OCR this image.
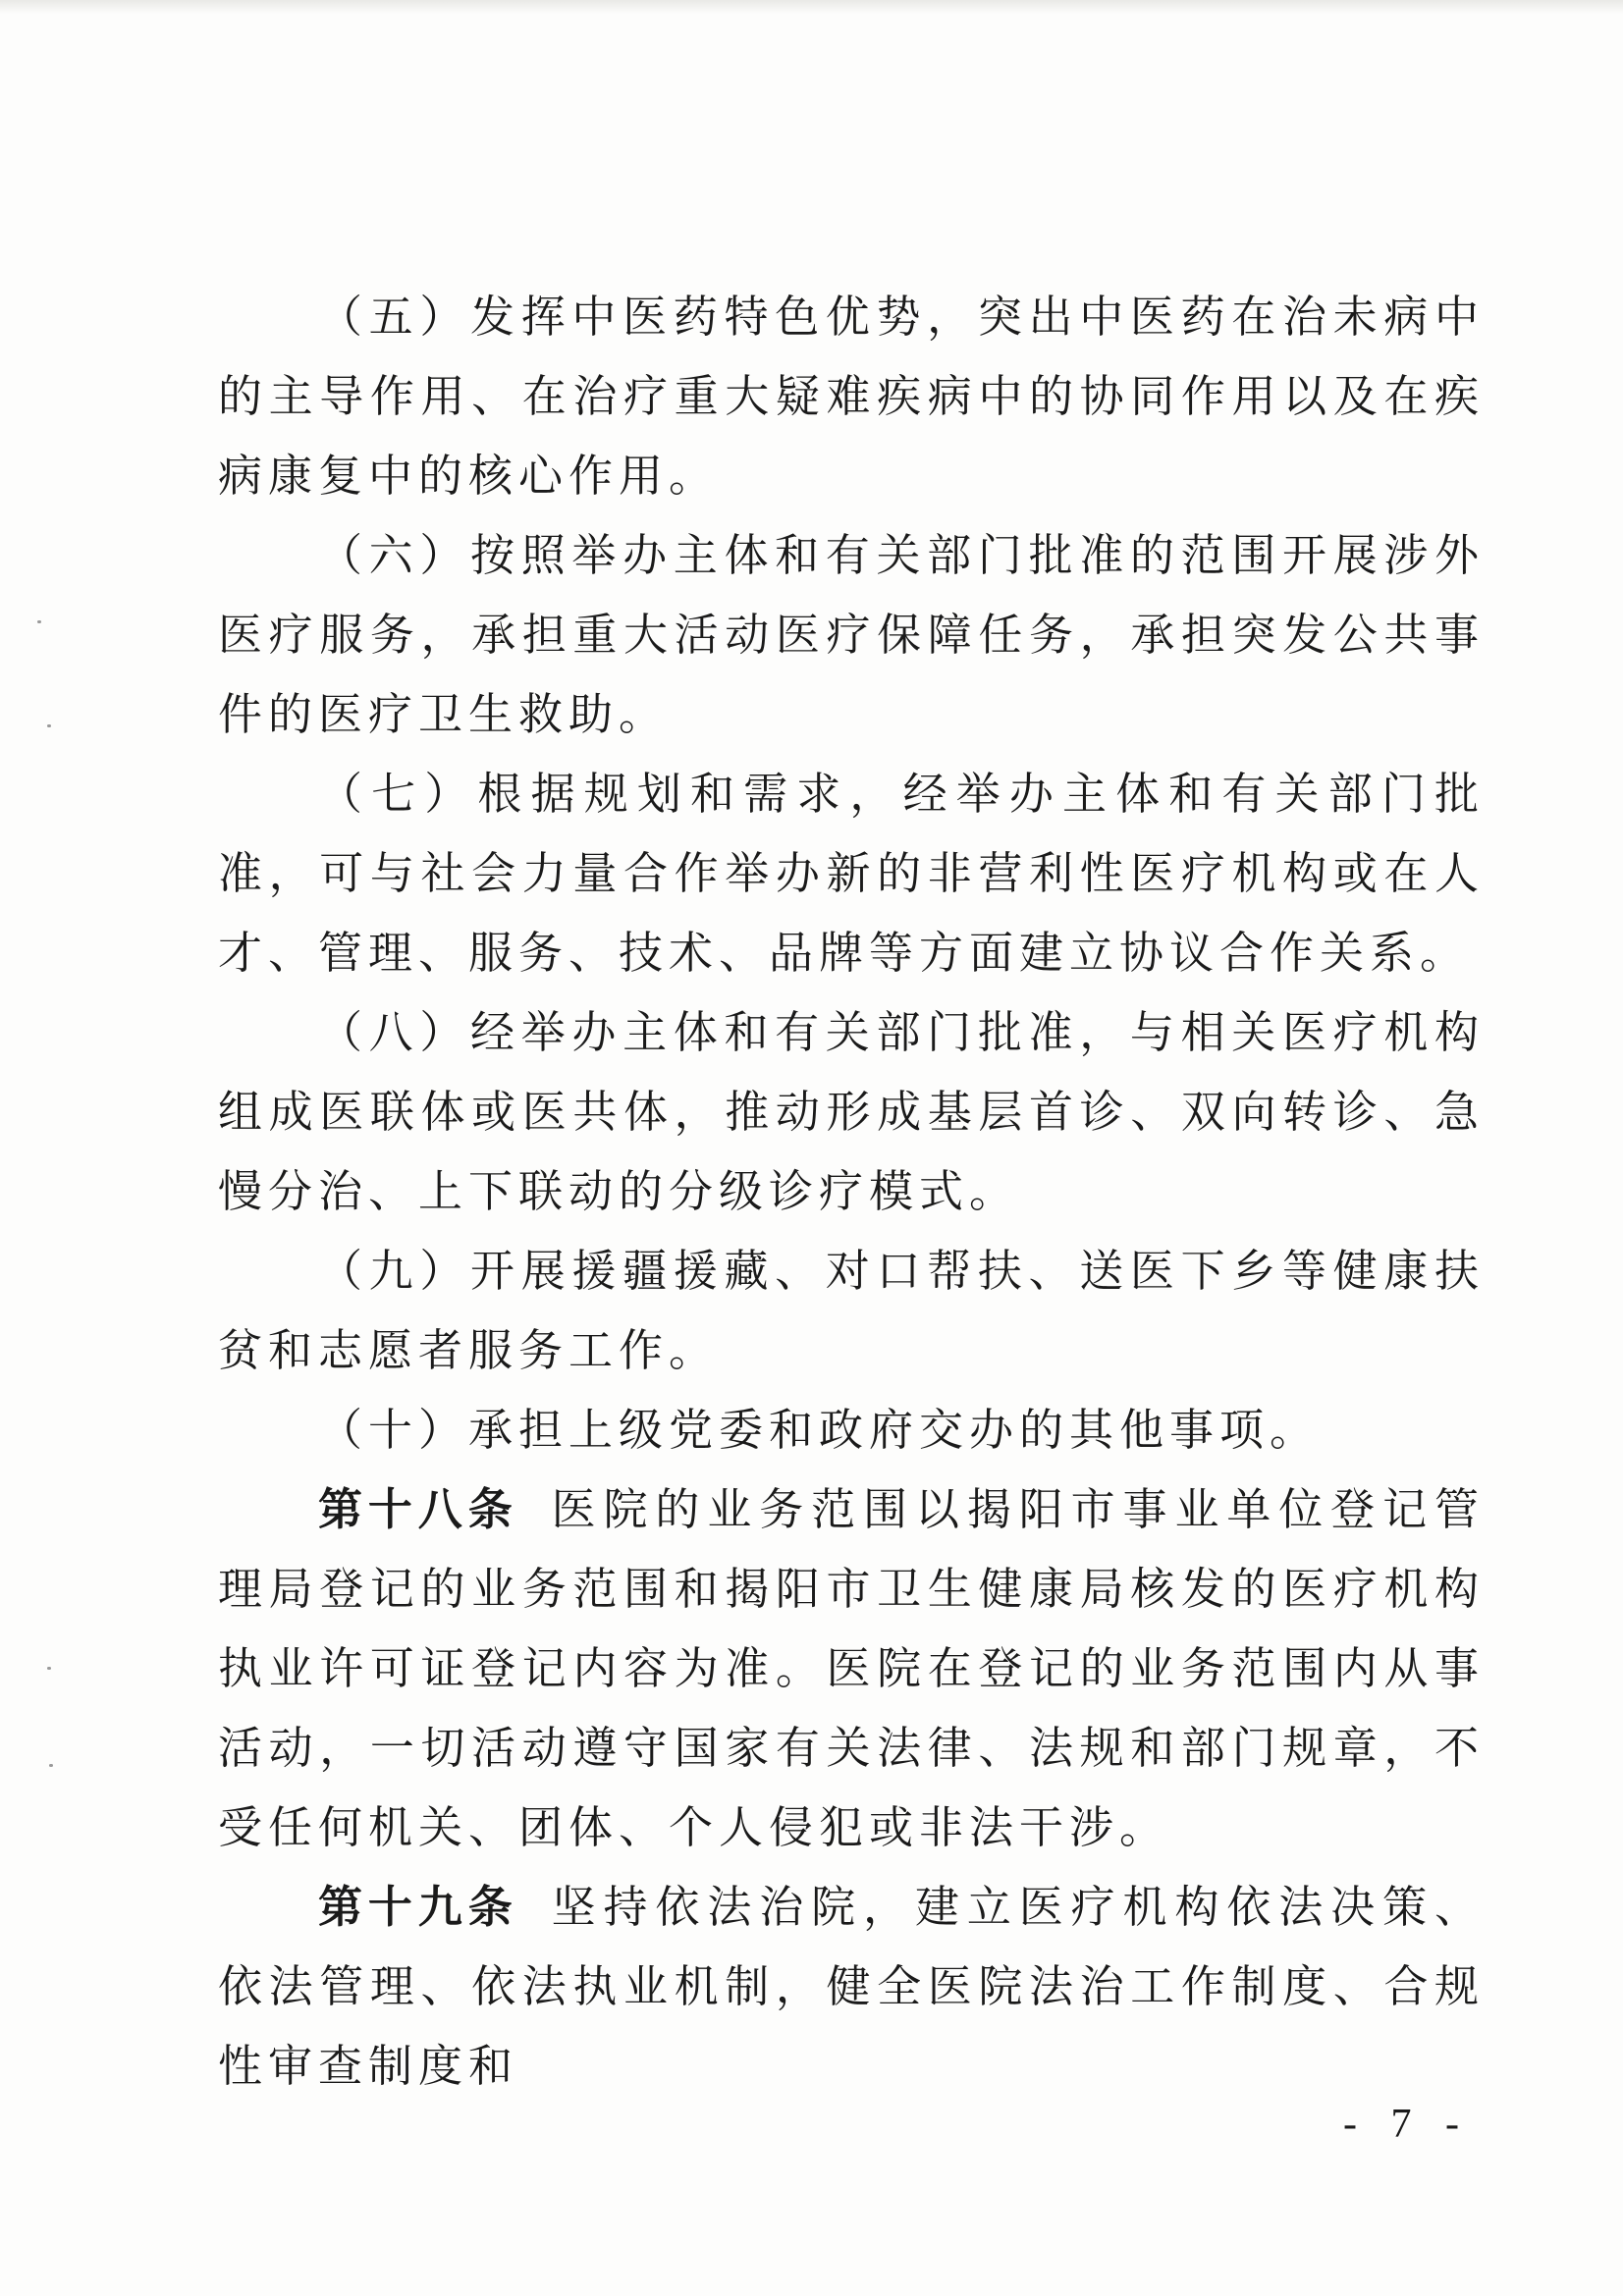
（五）发挥中医药特色优势，突出中医药在治未病中的主导作用、在治疗重大疑难疾病中的协同作用以及在疾病康复中的核心作用。

（六）按照举办主体和有关部门批准的范围开展涉外医疗服务，承担重大活动医疗保障任务，承担突发公共事件的医疗卫生救助。

（七）根据规划和需求，经举办主体和有关部门批准，可与社会力量合作举办新的非营利性医疗机构或在人才、管理、服务、技术、品牌等方面建立协议合作关系。

（八）经举办主体和有关部门批准，与相关医疗机构组成医联体或医共体，推动形成基层首诊、双向转诊、急慢分治、上下联动的分级诊疗模式。

（九）开展援疆援藏、对口帮扶、送医下乡等健康扶贫和志愿者服务工作。

（十）承担上级党委和政府交办的其他事项。

第十八条 医院的业务范围以揭阳市事业单位登记管理局登记的业务范围和揭阳市卫生健康局核发的医疗机构执业许可证登记内容为准。医院在登记的业务范围内从事活动，一切活动遵守国家有关法律、法规和部门规章，不受任何机关、团体、个人侵犯或非法干涉。

第十九条 坚持依法治院，建立医疗机构依法决策、依法管理、依法执业机制，健全医院法治工作制度、合规性审查制度和

- 7 -
